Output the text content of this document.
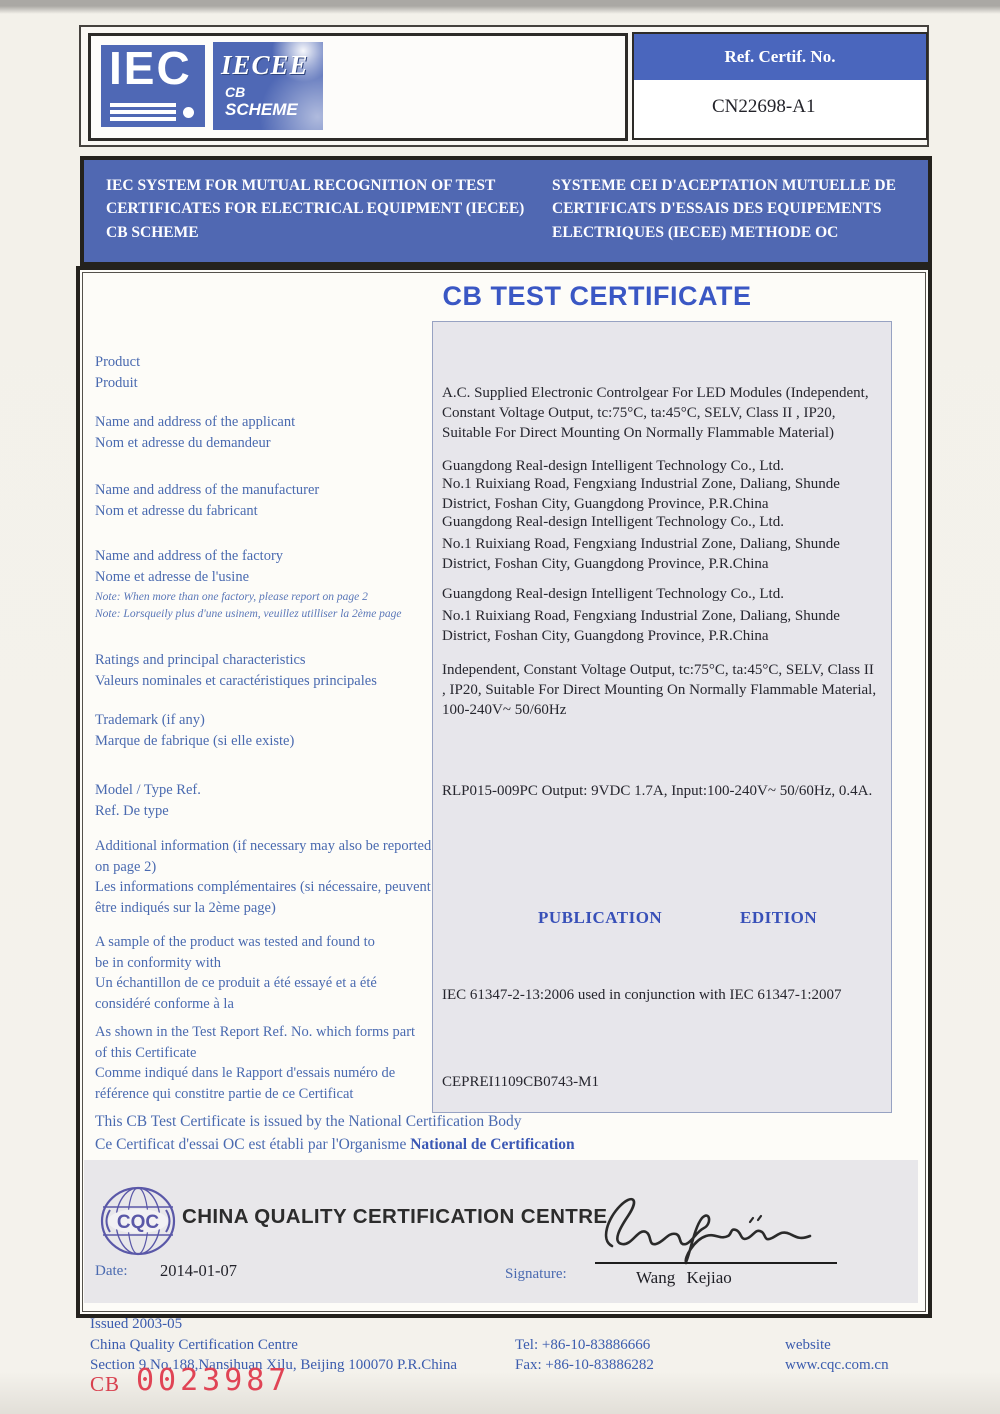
IEC IECEE
CB
SCHEME
Ref. Certif. No.
CN22698-A1

IEC SYSTEM FOR MUTUAL RECOGNITION OF TEST CERTIFICATES FOR ELECTRICAL EQUIPMENT (IECEE) CB SCHEME

SYSTEME CEI D'ACEPTATION MUTUELLE DE CERTIFICATS D'ESSAIS DES EQUIPEMENTS ELECTRIQUES (IECEE) METHODE OC

CB TEST CERTIFICATE
Product
Produit
Name and address of the applicant
Nom et adresse du demandeur
Name and address of the manufacturer
Nom et adresse du fabricant
Name and address of the factory
Nome et adresse de l'usine
Note: When more than one factory, please report on page 2
Note: Lorsqueily plus d'une usinem, veuillez utilliser la 2ème page
Ratings and principal characteristics
Valeurs nominales et caractéristiques principales
Trademark (if any)
Marque de fabrique (si elle existe)
Model / Type Ref.
Ref. De type
Additional information (if necessary may also be reported on page 2)
Les informations complémentaires (si nécessaire, peuvent être indiqués sur la 2ème page)
A sample of the product was tested and found to be in conformity with
Un échantillon de ce produit a été essayé et a été considéré conforme à la
As shown in the Test Report Ref. No. which forms part of this Certificate
Comme indiqué dans le Rapport d'essais numéro de référence qui constitre partie de ce Certificat
A.C. Supplied Electronic Controlgear For LED Modules (Independent, Constant Voltage Output, tc:75°C, ta:45°C, SELV, Class II , IP20, Suitable For Direct Mounting On Normally Flammable Material)
Guangdong Real-design Intelligent Technology Co., Ltd.
No.1 Ruixiang Road, Fengxiang Industrial Zone, Daliang, Shunde District, Foshan City, Guangdong Province, P.R.China
Guangdong Real-design Intelligent Technology Co., Ltd.
No.1 Ruixiang Road, Fengxiang Industrial Zone, Daliang, Shunde District, Foshan City, Guangdong Province, P.R.China
Guangdong Real-design Intelligent Technology Co., Ltd.
No.1 Ruixiang Road, Fengxiang Industrial Zone, Daliang, Shunde District, Foshan City, Guangdong Province, P.R.China
Independent, Constant Voltage Output, tc:75°C, ta:45°C, SELV, Class II , IP20, Suitable For Direct Mounting On Normally Flammable Material, 100-240V~ 50/60Hz
RLP015-009PC Output: 9VDC 1.7A, Input:100-240V~ 50/60Hz, 0.4A.
PUBLICATION	EDITION
IEC 61347-2-13:2006 used in conjunction with IEC 61347-1:2007
CEPREI1109CB0743-M1
This CB Test Certificate is issued by the National Certification Body
Ce Certificat d'essai OC est établi par l'Organisme National de Certification
CQC CHINA QUALITY CERTIFICATION CENTRE
Wang Kejiao
Date: 2014-01-07	Signature:
Issued 2003-05
China Quality Certification Centre
Section 9,No.188,Nansihuan Xilu, Beijing 100070 P.R.China
Tel: +86-10-83886666
Fax: +86-10-83886282
website
www.cqc.com.cn
CB 0023987
